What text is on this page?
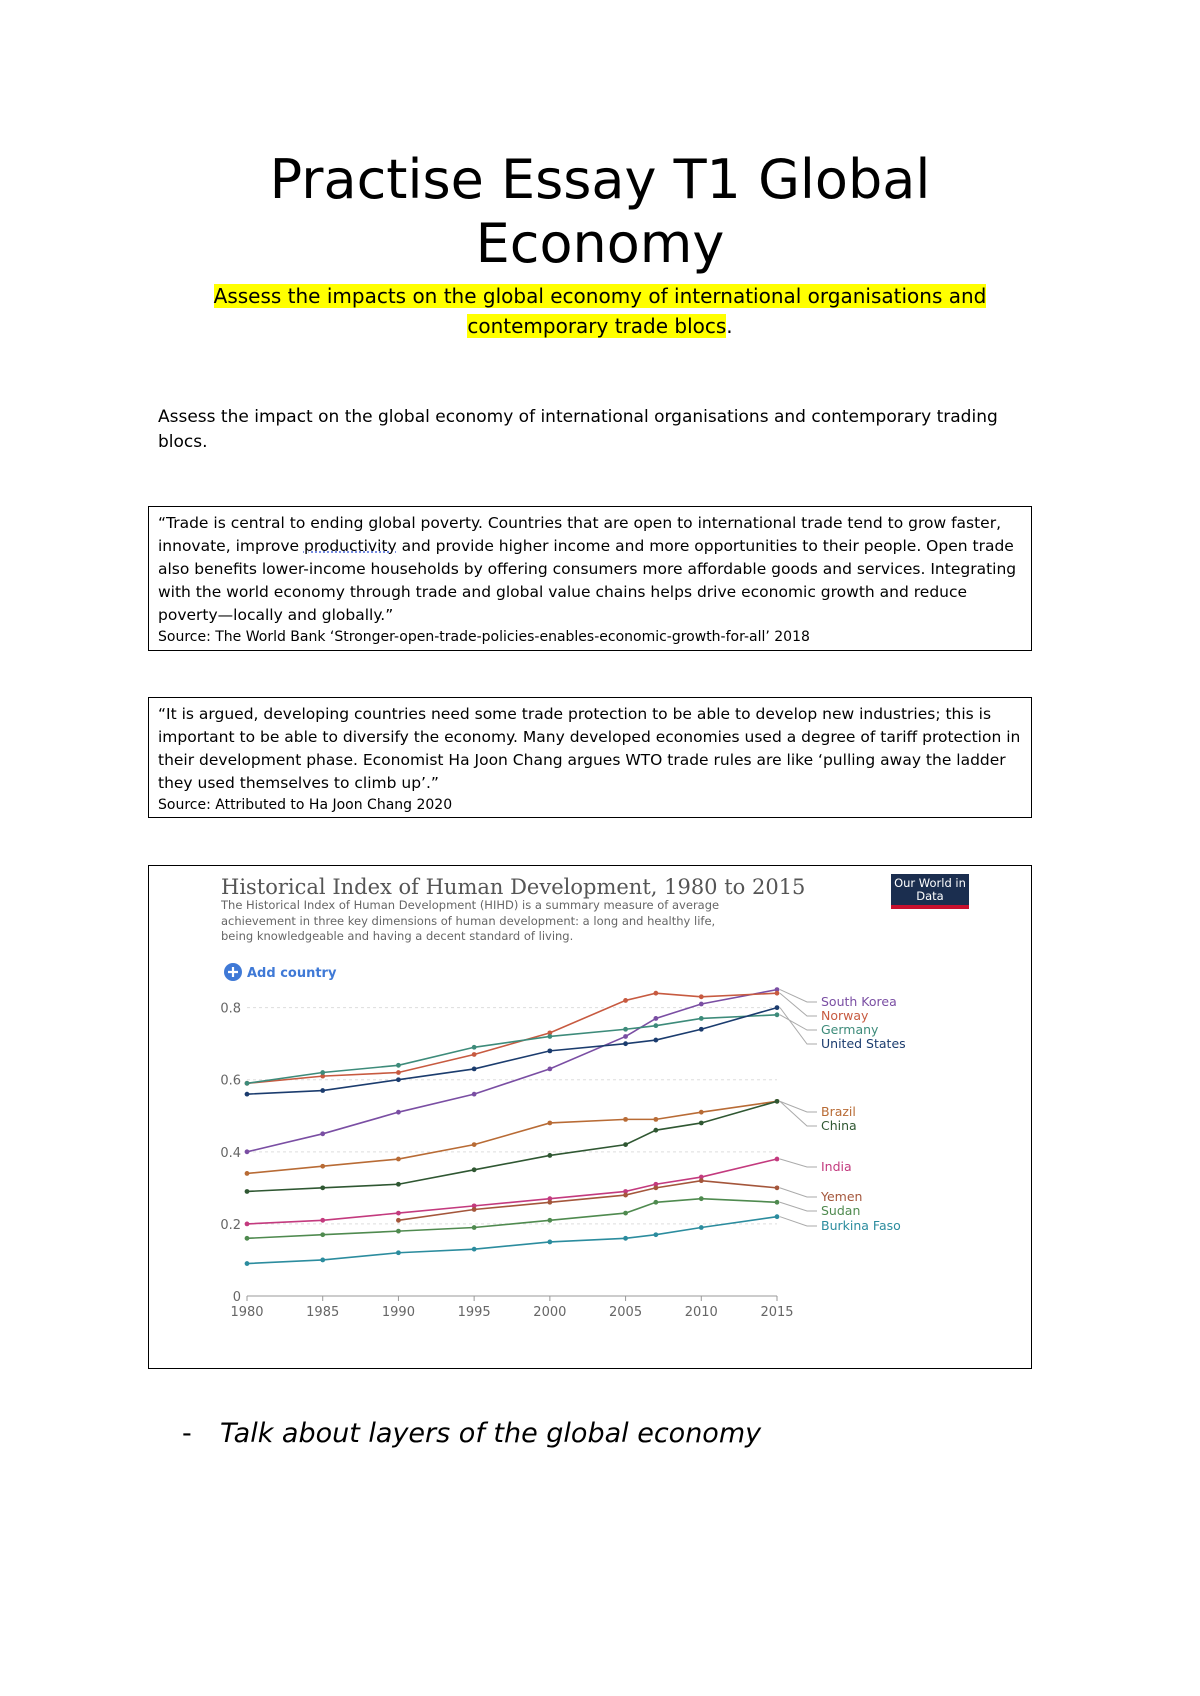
Practise Essay T1 Global Economy

Assess the impacts on the global economy of international organisations and contemporary trade blocs.

Assess the impact on the global economy of international organisations and contemporary trading blocs.

“Trade is central to ending global poverty. Countries that are open to international trade tend to grow faster, innovate, improve productivity and provide higher income and more opportunities to their people. Open trade also benefits lower-income households by offering consumers more affordable goods and services. Integrating with the world economy through trade and global value chains helps drive economic growth and reduce poverty—locally and globally.”

Source: The World Bank ‘Stronger-open-trade-policies-enables-economic-growth-for-all’ 2018

“It is argued, developing countries need some trade protection to be able to develop new industries; this is important to be able to diversify the economy. Many developed economies used a degree of tariff protection in their development phase. Economist Ha Joon Chang argues WTO trade rules are like ‘pulling away the ladder they used themselves to climb up’.”

Source: Attributed to Ha Joon Chang 2020

Historical Index of Human Development, 1980 to 2015
The Historical Index of Human Development (HIHD) is a summary measure of average achievement in three key dimensions of human development: a long and healthy life, being knowledgeable and having a decent standard of living.
Our World in Data
Add country
0
0.2
0.4
0.6
0.8
1980	1985	1990	1995	2000	2005	2010	2015
South Korea
Norway
Germany
United States
Brazil
China
India
Yemen
Sudan
Burkina Faso
- Talk about layers of the global economy
